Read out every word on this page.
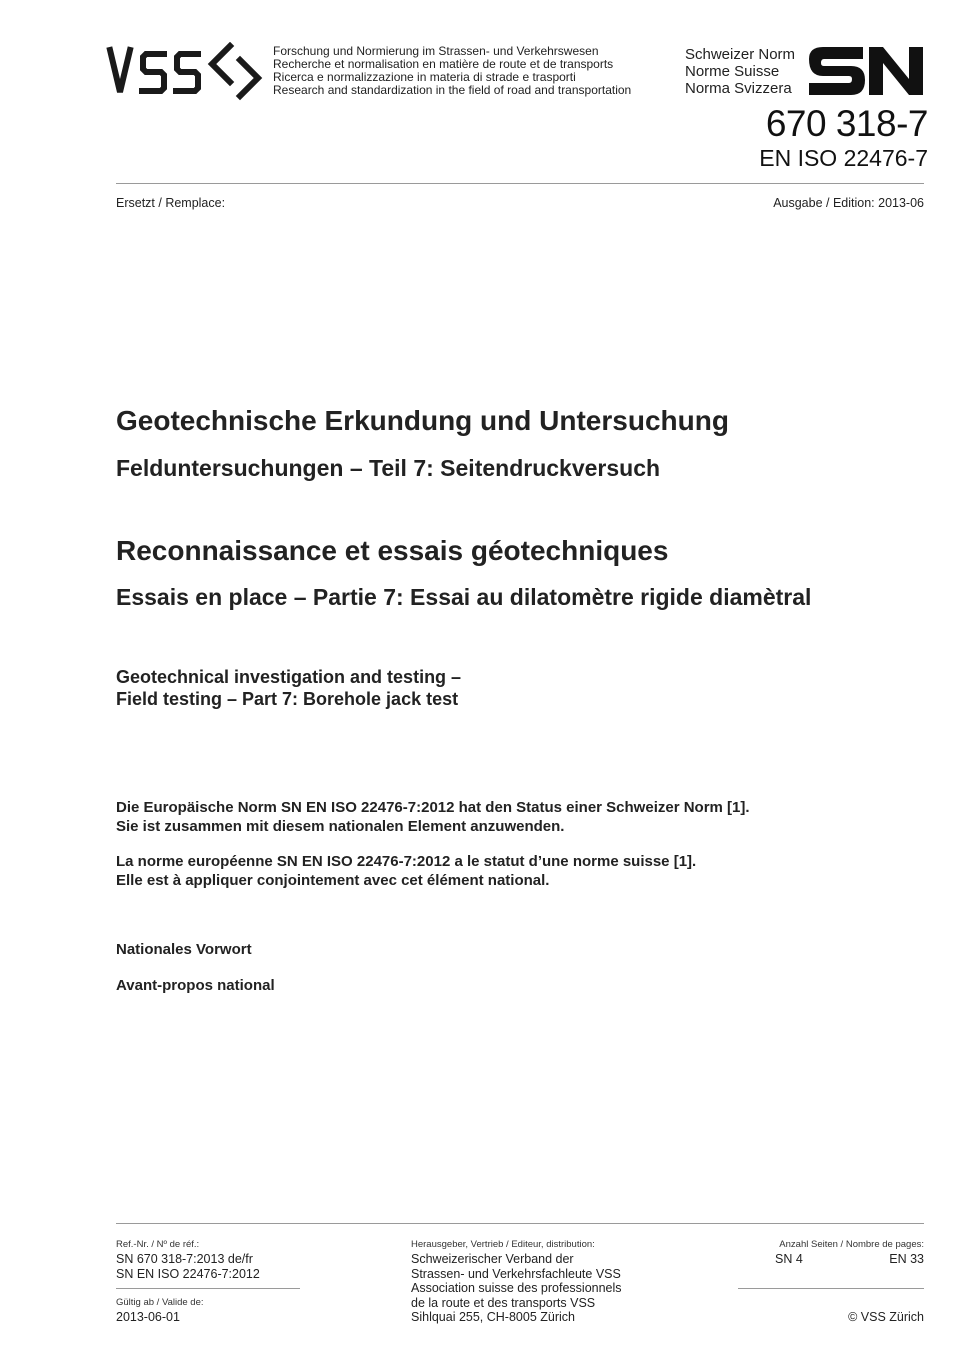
Forschung und Normierung im Strassen- und Verkehrswesen
Recherche et normalisation en matière de route et de transports
Ricerca e normalizzazione in materia di strade e trasporti
Research and standardization in the field of road and transportation
Schweizer Norm
Norme Suisse
Norma Svizzera
670 318-7
EN ISO 22476-7
Ersetzt / Remplace:	Ausgabe / Edition: 2013-06
Geotechnische Erkundung und Untersuchung
Felduntersuchungen – Teil 7: Seitendruckversuch
Reconnaissance et essais géotechniques
Essais en place – Partie 7: Essai au dilatomètre rigide diamètral
Geotechnical investigation and testing –
Field testing – Part 7: Borehole jack test
Die Europäische Norm SN EN ISO 22476-7:2012 hat den Status einer Schweizer Norm [1].
Sie ist zusammen mit diesem nationalen Element anzuwenden.
La norme européenne SN EN ISO 22476-7:2012 a le statut d’une norme suisse [1].
Elle est à appliquer conjointement avec cet élément national.
Nationales Vorwort
Avant-propos national
Ref.-Nr. / Nº de réf.:
SN 670 318-7:2013 de/fr
SN EN ISO 22476-7:2012
Gültig ab / Valide de:
2013-06-01
Herausgeber, Vertrieb / Editeur, distribution:
Schweizerischer Verband der
Strassen- und Verkehrsfachleute VSS
Association suisse des professionnels
de la route et des transports VSS
Sihlquai 255, CH-8005 Zürich
Anzahl Seiten / Nombre de pages:
SN 4	EN 33
© VSS Zürich
